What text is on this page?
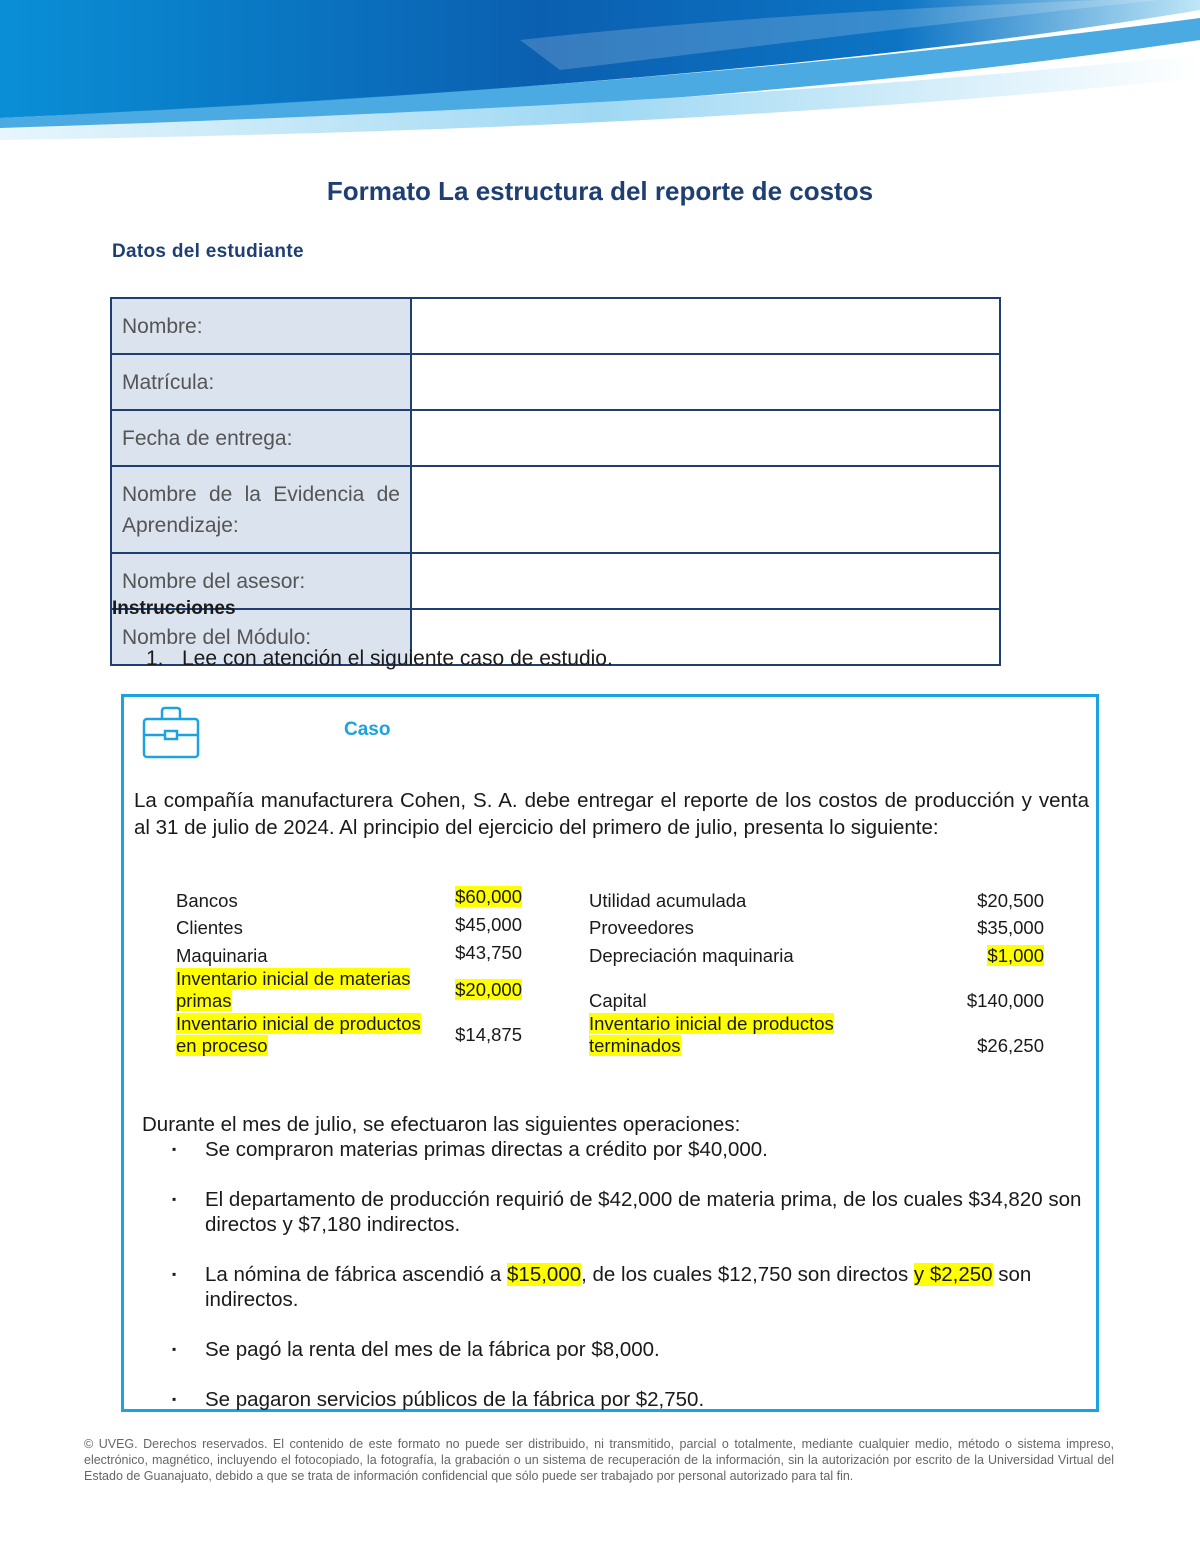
Formato La estructura del reporte de costos
Datos del estudiante
Nombre:	
Matrícula:	
Fecha de entrega:	
Nombre de la Evidencia de Aprendizaje:	
Nombre del asesor:	
Nombre del Módulo:	
Instrucciones
1. Lee con atención el siguiente caso de estudio.
Caso
La compañía manufacturera Cohen, S. A. debe entregar el reporte de los costos de producción y venta al 31 de julio de 2024. Al principio del ejercicio del primero de julio, presenta lo siguiente:
Bancos	$60,000
Clientes	$45,000
Maquinaria	$43,750
Inventario inicial de materias
primas
$20,000
Inventario inicial de productos
en proceso
$14,875
Utilidad acumulada	$20,500
Proveedores	$35,000
Depreciación maquinaria	$1,000
Capital	$140,000
Inventario inicial de productos
terminados	$26,250
Durante el mes de julio, se efectuaron las siguientes operaciones:
▪ Se compraron materias primas directas a crédito por $40,000.
▪ El departamento de producción requirió de $42,000 de materia prima, de los cuales $34,820 son directos y $7,180 indirectos.
▪ La nómina de fábrica ascendió a $15,000, de los cuales $12,750 son directos y $2,250 son indirectos.
▪ Se pagó la renta del mes de la fábrica por $8,000.
▪ Se pagaron servicios públicos de la fábrica por $2,750.
© UVEG. Derechos reservados. El contenido de este formato no puede ser distribuido, ni transmitido, parcial o totalmente, mediante cualquier medio, método o sistema impreso, electrónico, magnético, incluyendo el fotocopiado, la fotografía, la grabación o un sistema de recuperación de la información, sin la autorización por escrito de la Universidad Virtual del Estado de Guanajuato, debido a que se trata de información confidencial que sólo puede ser trabajado por personal autorizado para tal fin.
